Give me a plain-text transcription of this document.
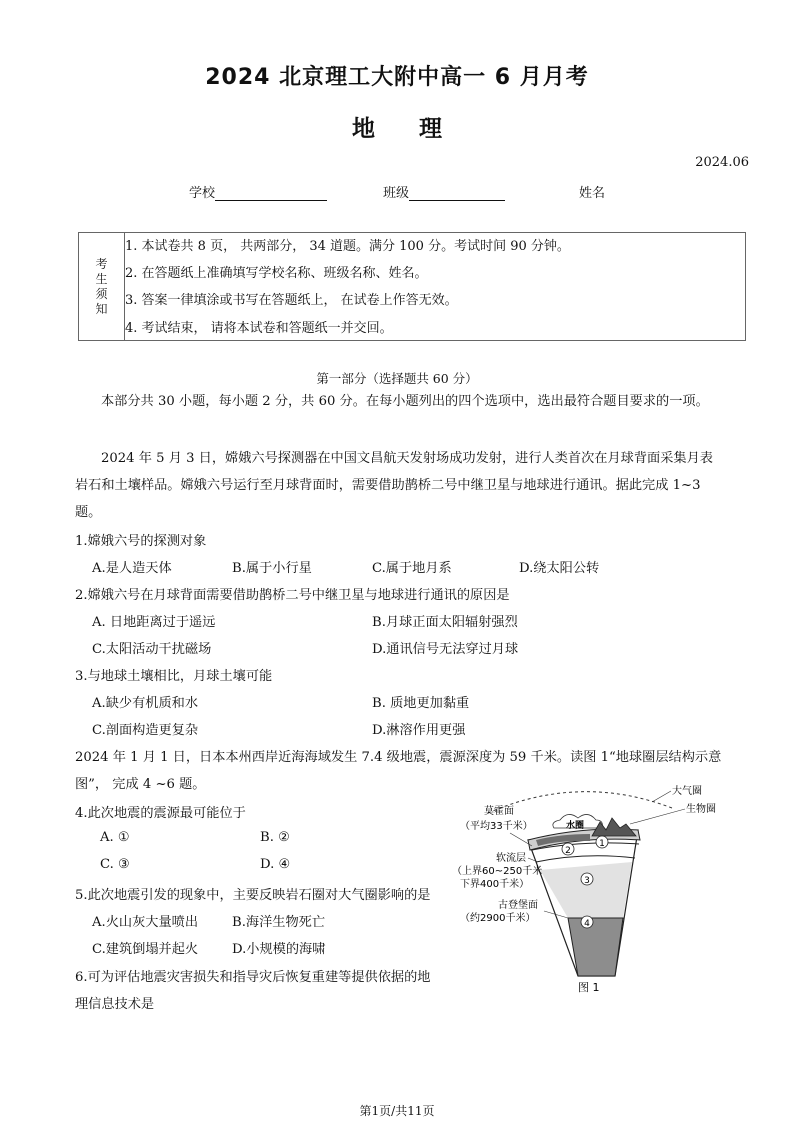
2024 北京理工大附中高一 6 月月考
地 理
2024.06
学校	班级	姓名
考
生
须
知
1. 本试卷共 8 页， 共两部分， 34 道题。满分 100 分。考试时间 90 分钟。
2. 在答题纸上准确填写学校名称、班级名称、姓名。
3. 答案一律填涂或书写在答题纸上， 在试卷上作答无效。
4. 考试结束， 请将本试卷和答题纸一并交回。
第一部分（选择题共 60 分）

本部分共 30 小题，每小题 2 分，共 60 分。在每小题列出的四个选项中，选出最符合题目要求的一项。

2024 年 5 月 3 日，嫦娥六号探测器在中国文昌航天发射场成功发射，进行人类首次在月球背面采集月表岩石和土壤样品。嫦娥六号运行至月球背面时，需要借助鹊桥二号中继卫星与地球进行通讯。据此完成 1~3 题。

1.嫦娥六号的探测对象
A.是人造天体	B.属于小行星	C.属于地月系	D.绕太阳公转
2.嫦娥六号在月球背面需要借助鹊桥二号中继卫星与地球进行通讯的原因是
A. 日地距离过于遥远	B.月球正面太阳辐射强烈
C.太阳活动干扰磁场	D.通讯信号无法穿过月球
3.与地球土壤相比，月球土壤可能
A.缺少有机质和水	B. 质地更加黏重
C.剖面构造更复杂	D.淋溶作用更强

2024 年 1 月 1 日，日本本州西岸近海海域发生 7.4 级地震，震源深度为 59 千米。读图 1“地球圈层结构示意图”， 完成 4 ~6 题。

4.此次地震的震源最可能位于
A. ①	B. ②
C. ③	D. ④
5.此次地震引发的现象中，主要反映岩石圈对大气圈影响的是
A.火山灰大量喷出	B.海洋生物死亡
C.建筑倒塌并起火	D.小规模的海啸
6.可为评估地震灾害损失和指导灾后恢复重建等提供依据的地
理信息技术是
1
2
3
4
大气圈
生物圈
水圈
莫霍面
（平均33千米）
软流层
（上界60~250千米
下界400千米）
古登堡面
（约2900千米）
图 1
第1页/共11页
